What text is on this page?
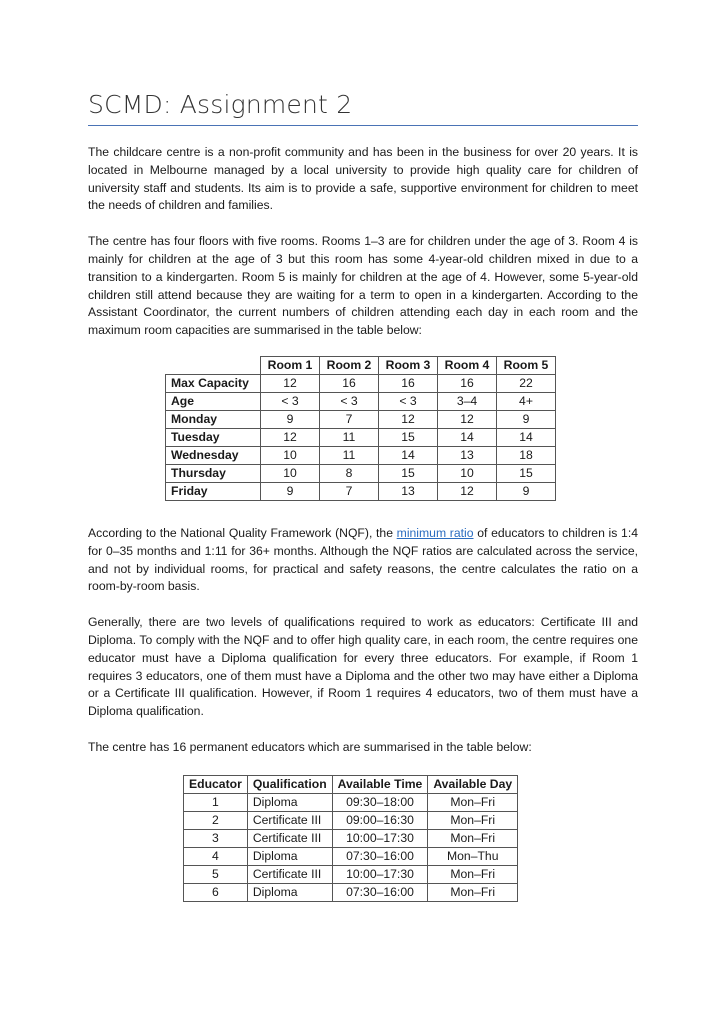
SCMD: Assignment 2

The childcare centre is a non-profit community and has been in the business for over 20 years. It is located in Melbourne managed by a local university to provide high quality care for children of university staff and students. Its aim is to provide a safe, supportive environment for children to meet the needs of children and families.

The centre has four floors with five rooms. Rooms 1–3 are for children under the age of 3. Room 4 is mainly for children at the age of 3 but this room has some 4-year-old children mixed in due to a transition to a kindergarten. Room 5 is mainly for children at the age of 4. However, some 5-year-old children still attend because they are waiting for a term to open in a kindergarten. According to the Assistant Coordinator, the current numbers of children attending each day in each room and the maximum room capacities are summarised in the table below:

	Room 1	Room 2	Room 3	Room 4	Room 5
Max Capacity	12	16	16	16	22
Age	< 3	< 3	< 3	3–4	4+
Monday	9	7	12	12	9
Tuesday	12	11	15	14	14
Wednesday	10	11	14	13	18
Thursday	10	8	15	10	15
Friday	9	7	13	12	9

According to the National Quality Framework (NQF), the minimum ratio of educators to children is 1:4 for 0–35 months and 1:11 for 36+ months. Although the NQF ratios are calculated across the service, and not by individual rooms, for practical and safety reasons, the centre calculates the ratio on a room-by-room basis.

Generally, there are two levels of qualifications required to work as educators: Certificate III and Diploma. To comply with the NQF and to offer high quality care, in each room, the centre requires one educator must have a Diploma qualification for every three educators. For example, if Room 1 requires 3 educators, one of them must have a Diploma and the other two may have either a Diploma or a Certificate III qualification. However, if Room 1 requires 4 educators, two of them must have a Diploma qualification.

The centre has 16 permanent educators which are summarised in the table below:

Educator	Qualification	Available Time	Available Day
1	Diploma	09:30–18:00	Mon–Fri
2	Certificate III	09:00–16:30	Mon–Fri
3	Certificate III	10:00–17:30	Mon–Fri
4	Diploma	07:30–16:00	Mon–Thu
5	Certificate III	10:00–17:30	Mon–Fri
6	Diploma	07:30–16:00	Mon–Fri
